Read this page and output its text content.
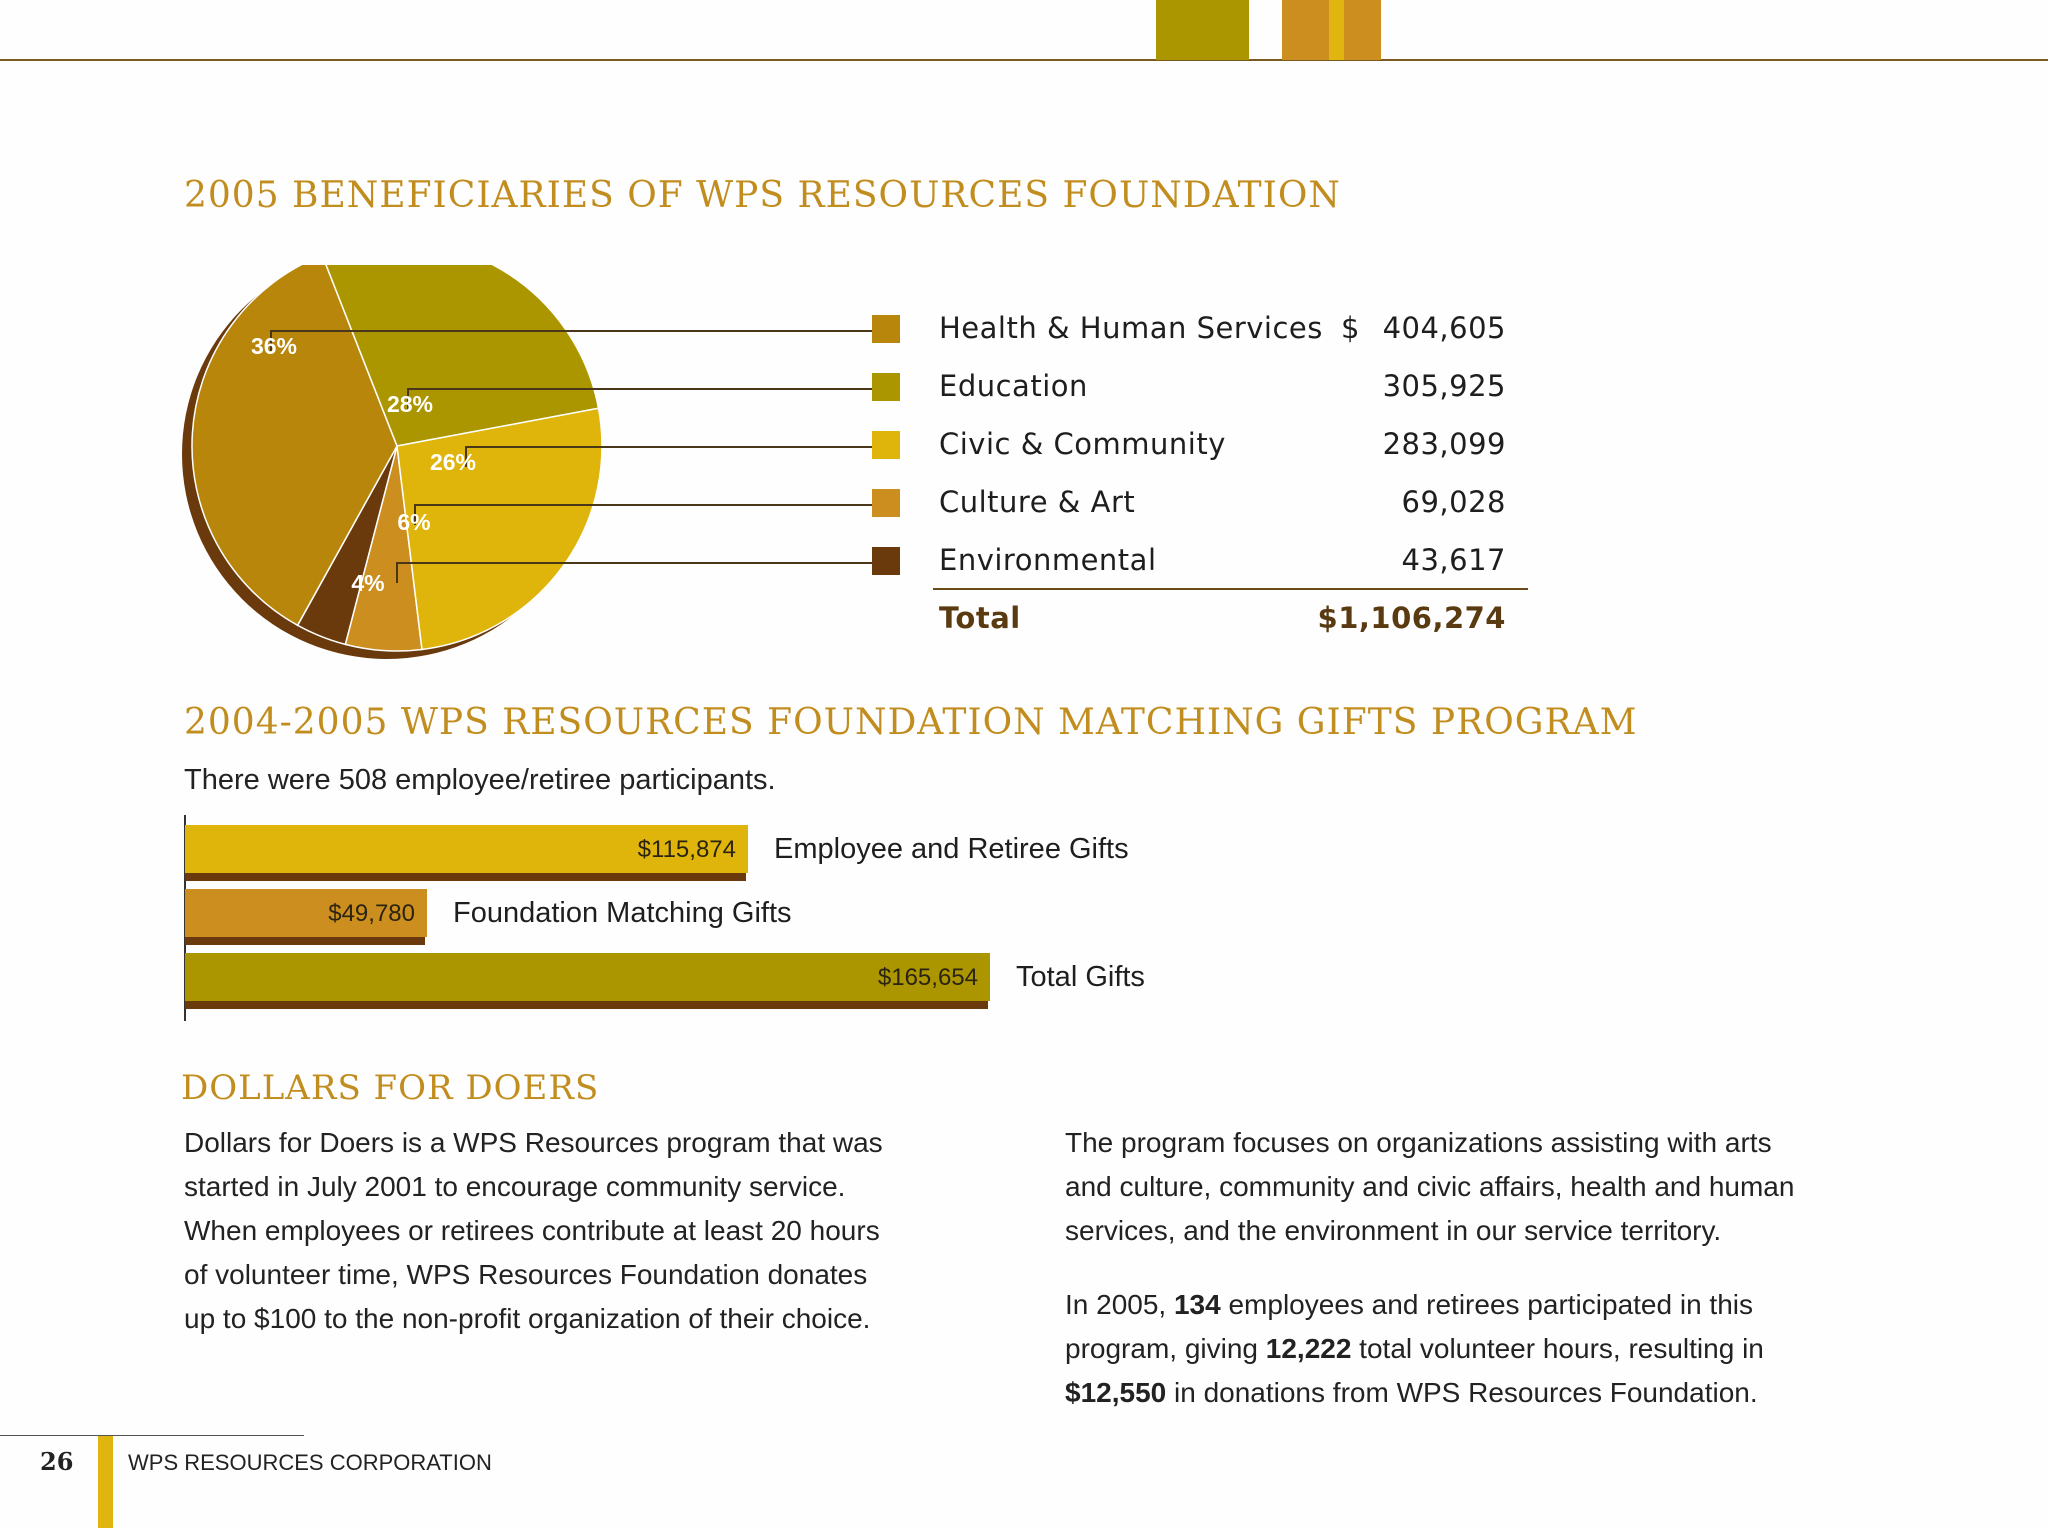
2005 BENEFICIARIES OF WPS RESOURCES FOUNDATION
36%
28%
26%
6%
4%
Health & Human Services $ 404,605
Education	305,925
Civic & Community	283,099
Culture & Art	69,028
Environmental	43,617
Total	$1,106,274
2004-2005 WPS RESOURCES FOUNDATION MATCHING GIFTS PROGRAM

There were 508 employee/retiree participants.

$115,874 Employee and Retiree Gifts
$49,780 Foundation Matching Gifts
$165,654 Total Gifts
DOLLARS FOR DOERS

Dollars for Doers is a WPS Resources program that was started in July 2001 to encourage community service. When employees or retirees contribute at least 20 hours of volunteer time, WPS Resources Foundation donates up to $100 to the non-profit organization of their choice.

The program focuses on organizations assisting with arts and culture, community and civic affairs, health and human services, and the environment in our service territory.

In 2005, 134 employees and retirees participated in this program, giving 12,222 total volunteer hours, resulting in $12,550 in donations from WPS Resources Foundation.

26 WPS RESOURCES CORPORATION
